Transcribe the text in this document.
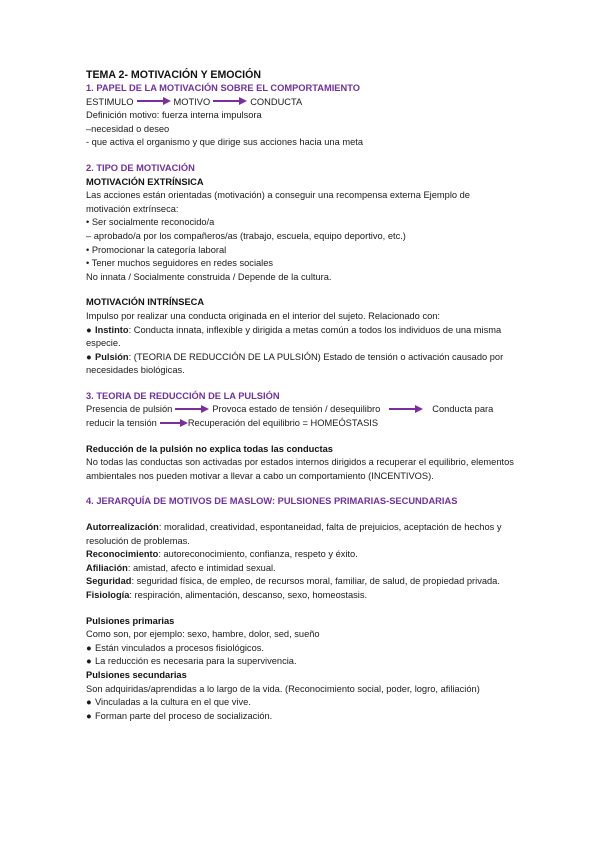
TEMA 2- MOTIVACIÓN Y EMOCIÓN
1. PAPEL DE LA MOTIVACIÓN SOBRE EL COMPORTAMIENTO
ESTIMULO	MOTIVO	CONDUCTA
Definición motivo: fuerza interna impulsora
–necesidad o deseo
- que activa el organismo y que dirige sus acciones hacia una meta
2. TIPO DE MOTIVACIÓN
MOTIVACIÓN EXTRÍNSICA
Las acciones están orientadas (motivación) a conseguir una recompensa externa Ejemplo de motivación extrínseca:
• Ser socialmente reconocido/a
– aprobado/a por los compañeros/as (trabajo, escuela, equipo deportivo, etc.)
• Promocionar la categoría laboral
• Tener muchos seguidores en redes sociales
No innata / Socialmente construida / Depende de la cultura.
MOTIVACIÓN INTRÍNSECA
Impulso por realizar una conducta originada en el interior del sujeto. Relacionado con:
● Instinto: Conducta innata, inflexible y dirigida a metas común a todos los individuos de una misma especie.
● Pulsión: (TEORIA DE REDUCCIÓN DE LA PULSIÓN) Estado de tensión o activación causado por necesidades biológicas.
3. TEORIA DE REDUCCIÓN DE LA PULSIÓN
Presencia de pulsión	Provoca estado de tensión / desequilibro	Conducta para
reducir la tensión	Recuperación del equilibrio = HOMEÓSTASIS
Reducción de la pulsión no explica todas las conductas
No todas las conductas son activadas por estados internos dirigidos a recuperar el equilibrio, elementos ambientales nos pueden motivar a llevar a cabo un comportamiento (INCENTIVOS).
4. JERARQUÍA DE MOTIVOS DE MASLOW: PULSIONES PRIMARIAS-SECUNDARIAS
Autorrealización: moralidad, creatividad, espontaneidad, falta de prejuicios, aceptación de hechos y resolución de problemas.
Reconocimiento: autoreconocimiento, confianza, respeto y éxito.
Afiliación: amistad, afecto e intimidad sexual.
Seguridad: seguridad física, de empleo, de recursos moral, familiar, de salud, de propiedad privada.
Fisiología: respiración, alimentación, descanso, sexo, homeostasis.
Pulsiones primarias
Como son, por ejemplo: sexo, hambre, dolor, sed, sueño
● Están vinculados a procesos fisiológicos.
● La reducción es necesaria para la supervivencia.
Pulsiones secundarias
Son adquiridas/aprendidas a lo largo de la vida. (Reconocimiento social, poder, logro, afiliación)
● Vinculadas a la cultura en el que vive.
● Forman parte del proceso de socialización.
